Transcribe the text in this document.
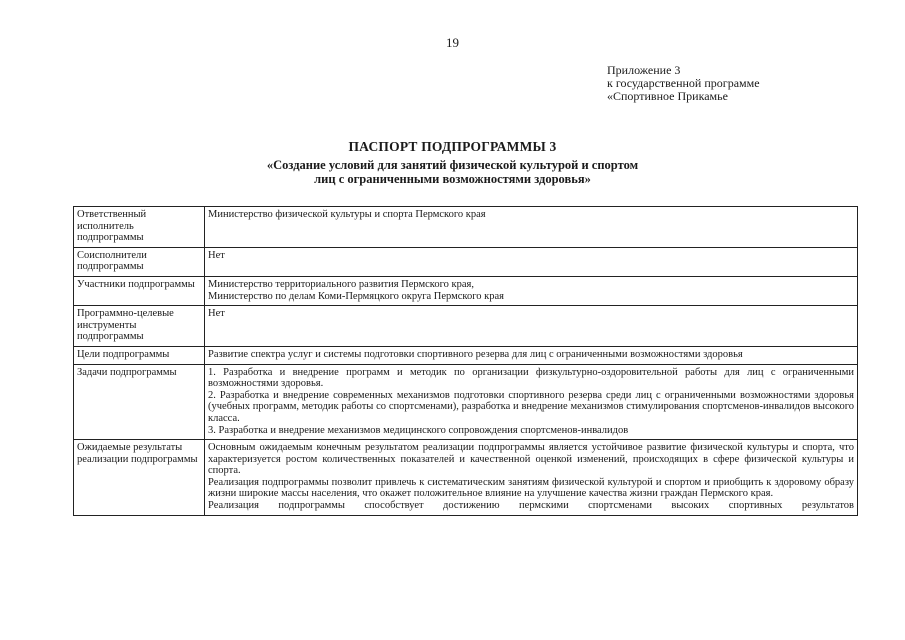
19
Приложение 3
к государственной программе
«Спортивное Прикамье
ПАСПОРТ ПОДПРОГРАММЫ 3
«Создание условий для занятий физической культурой и спортом
лиц с ограниченными возможностями здоровья»
Ответственный исполнитель подпрограммы	Министерство физической культуры и спорта Пермского края

Соисполнители подпрограммы	Нет

Участники подпрограммы	Министерство территориального развития Пермского края,
Министерство по делам Коми-Пермяцкого округа Пермского края

Программно-целевые инструменты подпрограммы	Нет

Цели подпрограммы	Развитие спектра услуг и системы подготовки спортивного резерва для лиц с ограниченными возможностями здоровья

Задачи подпрограммы	1. Разработка и внедрение программ и методик по организации физкультурно-оздоровительной работы для лиц с ограниченными возможностями здоровья.
2. Разработка и внедрение современных механизмов подготовки спортивного резерва среди лиц с ограниченными возможностями здоровья (учебных программ, методик работы со спортсменами), разработка и внедрение механизмов стимулирования спортсменов-инвалидов высокого класса.
3. Разработка и внедрение механизмов медицинского сопровождения спортсменов-инвалидов

Ожидаемые результаты реализации подпрограммы	Основным ожидаемым конечным результатом реализации подпрограммы является устойчивое развитие физической культуры и спорта, что характеризуется ростом количественных показателей и качественной оценкой изменений, происходящих в сфере физической культуры и спорта.
Реализация подпрограммы позволит привлечь к систематическим занятиям физической культурой и спортом и приобщить к здоровому образу жизни широкие массы населения, что окажет положительное влияние на улучшение качества жизни граждан Пермского края.
Реализация подпрограммы способствует достижению пермскими спортсменами высоких спортивных результатов
